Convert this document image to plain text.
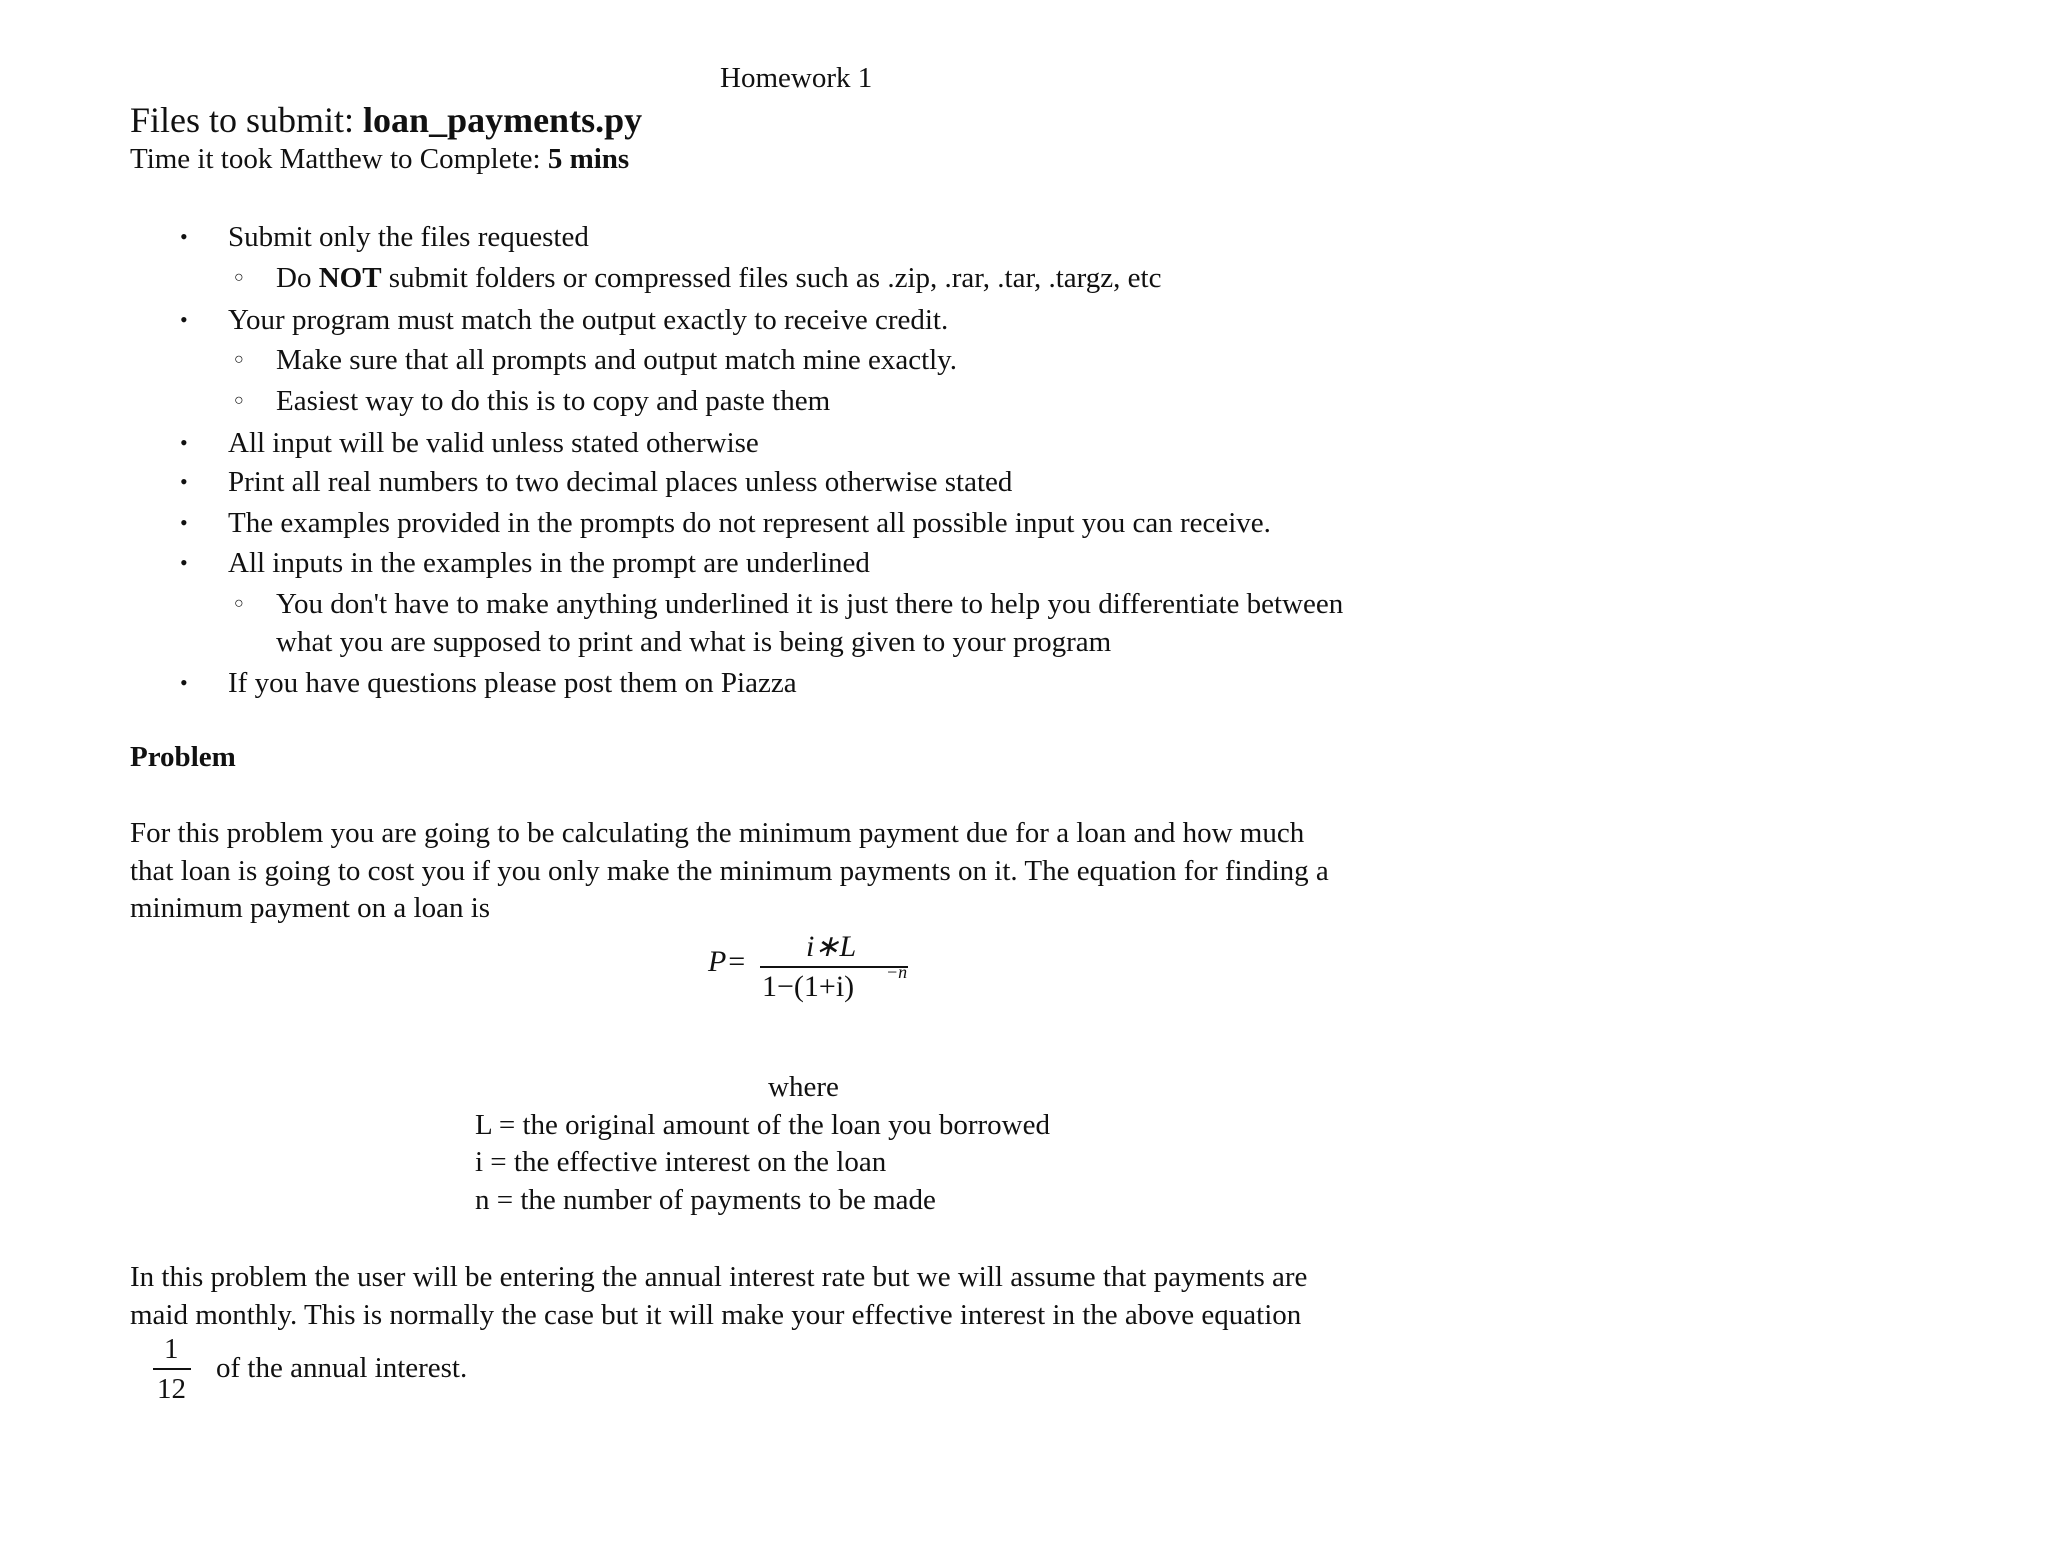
Homework 1
Files to submit: loan_payments.py
Time it took Matthew to Complete: 5 mins
• Submit only the files requested
○ Do NOT submit folders or compressed files such as .zip, .rar, .tar, .targz, etc
• Your program must match the output exactly to receive credit.
○ Make sure that all prompts and output match mine exactly.
○ Easiest way to do this is to copy and paste them
• All input will be valid unless stated otherwise
• Print all real numbers to two decimal places unless otherwise stated
• The examples provided in the prompts do not represent all possible input you can receive.
• All inputs in the examples in the prompt are underlined
○ You don't have to make anything underlined it is just there to help you differentiate between
what you are supposed to print and what is being given to your program
• If you have questions please post them on Piazza
Problem
For this problem you are going to be calculating the minimum payment due for a loan and how much
that loan is going to cost you if you only make the minimum payments on it. The equation for finding a
minimum payment on a loan is
P= i∗L
1−(1+i) −n
where
L = the original amount of the loan you borrowed
i = the effective interest on the loan
n = the number of payments to be made
In this problem the user will be entering the annual interest rate but we will assume that payments are
maid monthly. This is normally the case but it will make your effective interest in the above equation
1
12
of the annual interest.
